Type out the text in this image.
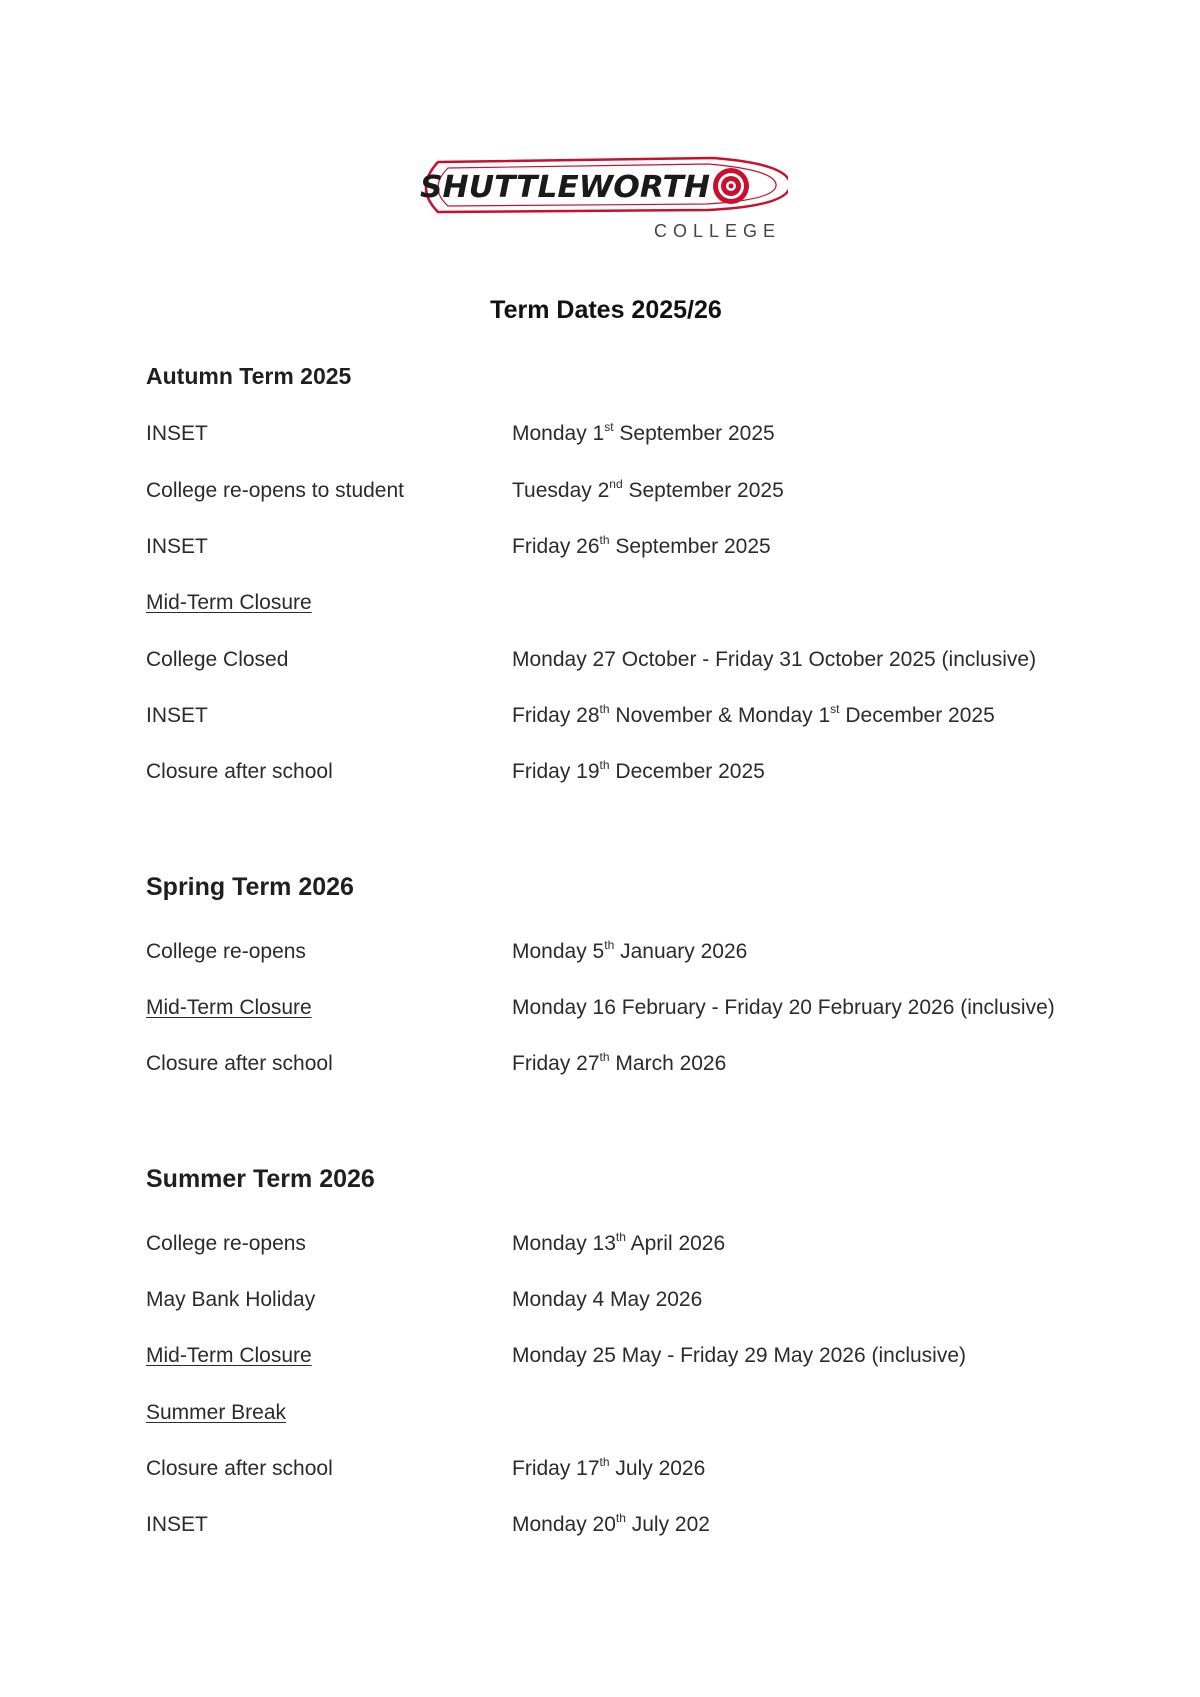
SHUTTLEWORTH
COLLEGE
Term Dates 2025/26
Autumn Term 2025
INSET	Monday 1st September 2025
College re-opens to student	Tuesday 2nd September 2025
INSET	Friday 26th September 2025
Mid-Term Closure
College Closed	Monday 27 October - Friday 31 October 2025 (inclusive)
INSET	Friday 28th November & Monday 1st December 2025
Closure after school	Friday 19th December 2025
Spring Term 2026
College re-opens	Monday 5th January 2026
Mid-Term Closure	Monday 16 February - Friday 20 February 2026 (inclusive)
Closure after school	Friday 27th March 2026
Summer Term 2026
College re-opens	Monday 13th April 2026
May Bank Holiday	Monday 4 May 2026
Mid-Term Closure	Monday 25 May - Friday 29 May 2026 (inclusive)
Summer Break
Closure after school	Friday 17th July 2026
INSET	Monday 20th July 202
